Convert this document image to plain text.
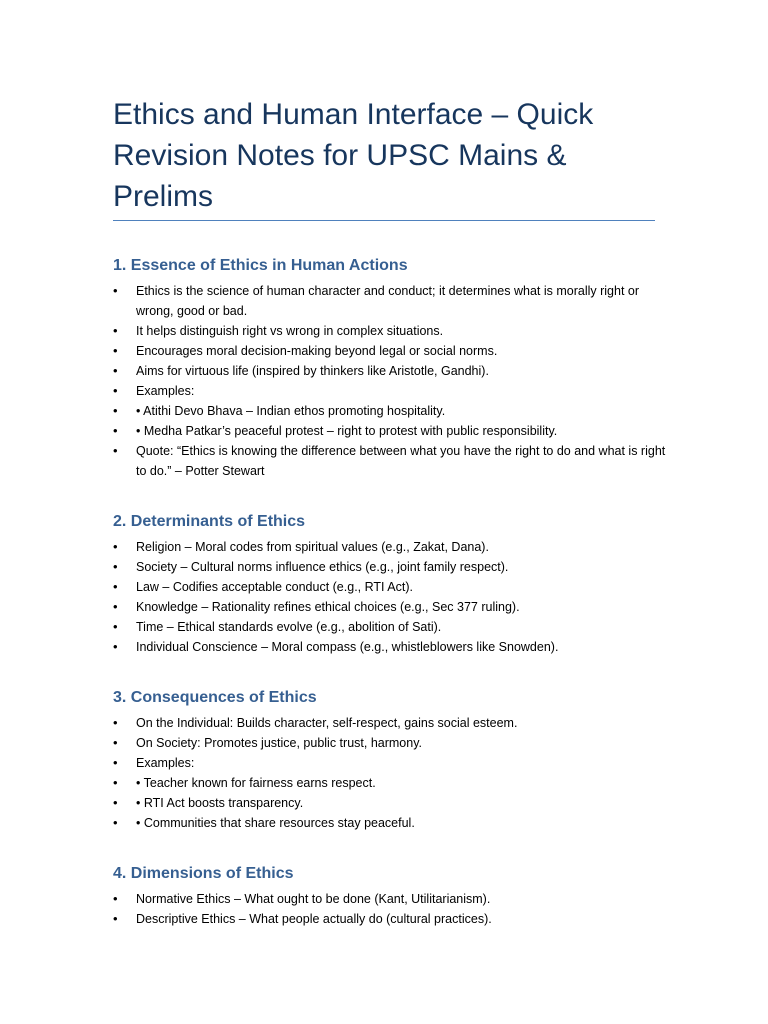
Ethics and Human Interface – Quick Revision Notes for UPSC Mains & Prelims
1. Essence of Ethics in Human Actions
• Ethics is the science of human character and conduct; it determines what is morally right or wrong, good or bad.
• It helps distinguish right vs wrong in complex situations.
• Encourages moral decision-making beyond legal or social norms.
• Aims for virtuous life (inspired by thinkers like Aristotle, Gandhi).
• Examples:
• • Atithi Devo Bhava – Indian ethos promoting hospitality.
• • Medha Patkar’s peaceful protest – right to protest with public responsibility.
• Quote: “Ethics is knowing the difference between what you have the right to do and what is right to do.” – Potter Stewart
2. Determinants of Ethics
• Religion – Moral codes from spiritual values (e.g., Zakat, Dana).
• Society – Cultural norms influence ethics (e.g., joint family respect).
• Law – Codifies acceptable conduct (e.g., RTI Act).
• Knowledge – Rationality refines ethical choices (e.g., Sec 377 ruling).
• Time – Ethical standards evolve (e.g., abolition of Sati).
• Individual Conscience – Moral compass (e.g., whistleblowers like Snowden).
3. Consequences of Ethics
• On the Individual: Builds character, self-respect, gains social esteem.
• On Society: Promotes justice, public trust, harmony.
• Examples:
• • Teacher known for fairness earns respect.
• • RTI Act boosts transparency.
• • Communities that share resources stay peaceful.
4. Dimensions of Ethics
• Normative Ethics – What ought to be done (Kant, Utilitarianism).
• Descriptive Ethics – What people actually do (cultural practices).
